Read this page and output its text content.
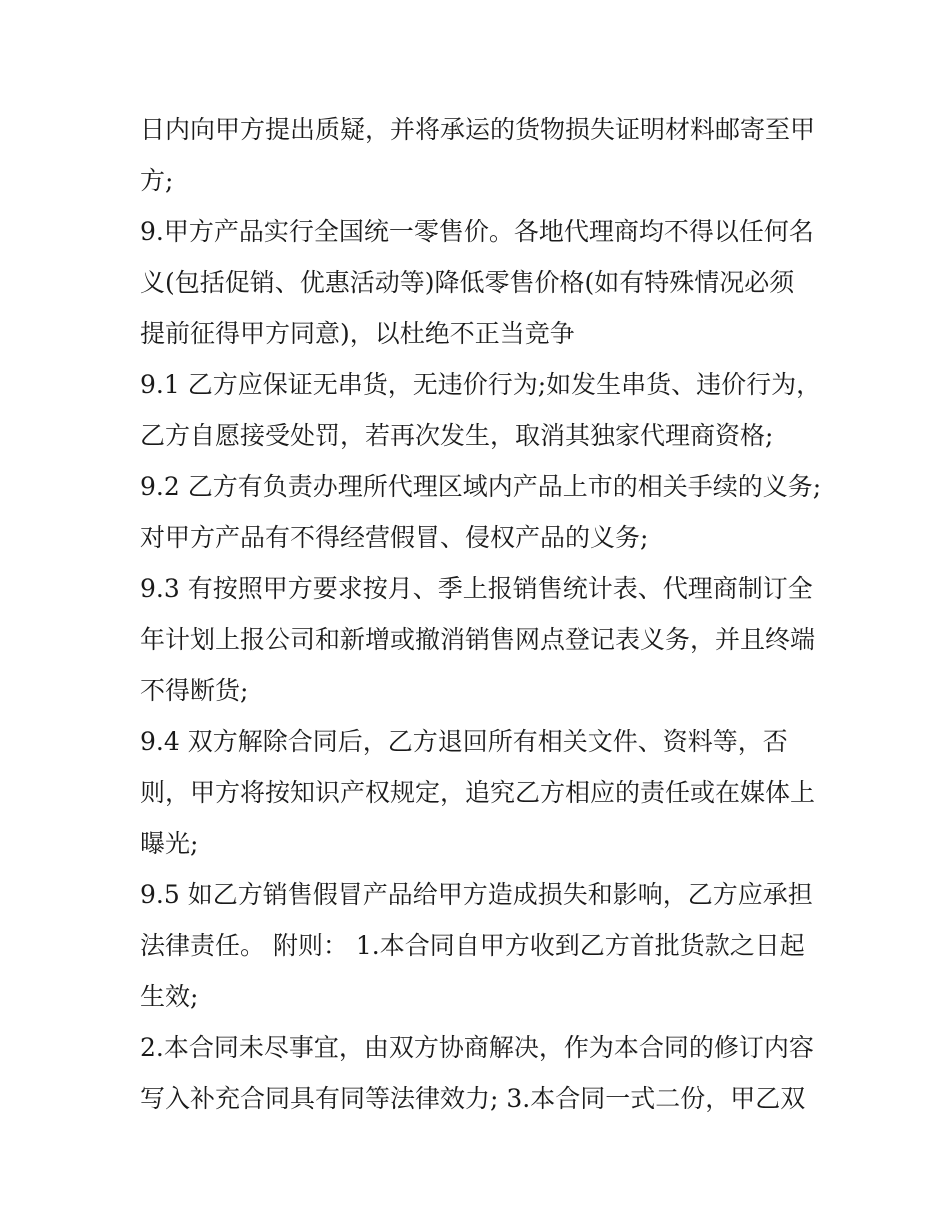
日内向甲方提出质疑，并将承运的货物损失证明材料邮寄至甲
方;
9.甲方产品实行全国统一零售价。各地代理商均不得以任何名
义(包括促销、优惠活动等)降低零售价格(如有特殊情况必须
提前征得甲方同意)，以杜绝不正当竞争
9.1 乙方应保证无串货，无违价行为;如发生串货、违价行为，
乙方自愿接受处罚，若再次发生，取消其独家代理商资格;
9.2 乙方有负责办理所代理区域内产品上市的相关手续的义务;
对甲方产品有不得经营假冒、侵权产品的义务;
9.3 有按照甲方要求按月、季上报销售统计表、代理商制订全
年计划上报公司和新增或撤消销售网点登记表义务，并且终端
不得断货;
9.4 双方解除合同后，乙方退回所有相关文件、资料等，否
则，甲方将按知识产权规定，追究乙方相应的责任或在媒体上
曝光;
9.5 如乙方销售假冒产品给甲方造成损失和影响，乙方应承担
法律责任。 附则： 1.本合同自甲方收到乙方首批货款之日起
生效;
2.本合同未尽事宜，由双方协商解决，作为本合同的修订内容
写入补充合同具有同等法律效力; 3.本合同一式二份，甲乙双
